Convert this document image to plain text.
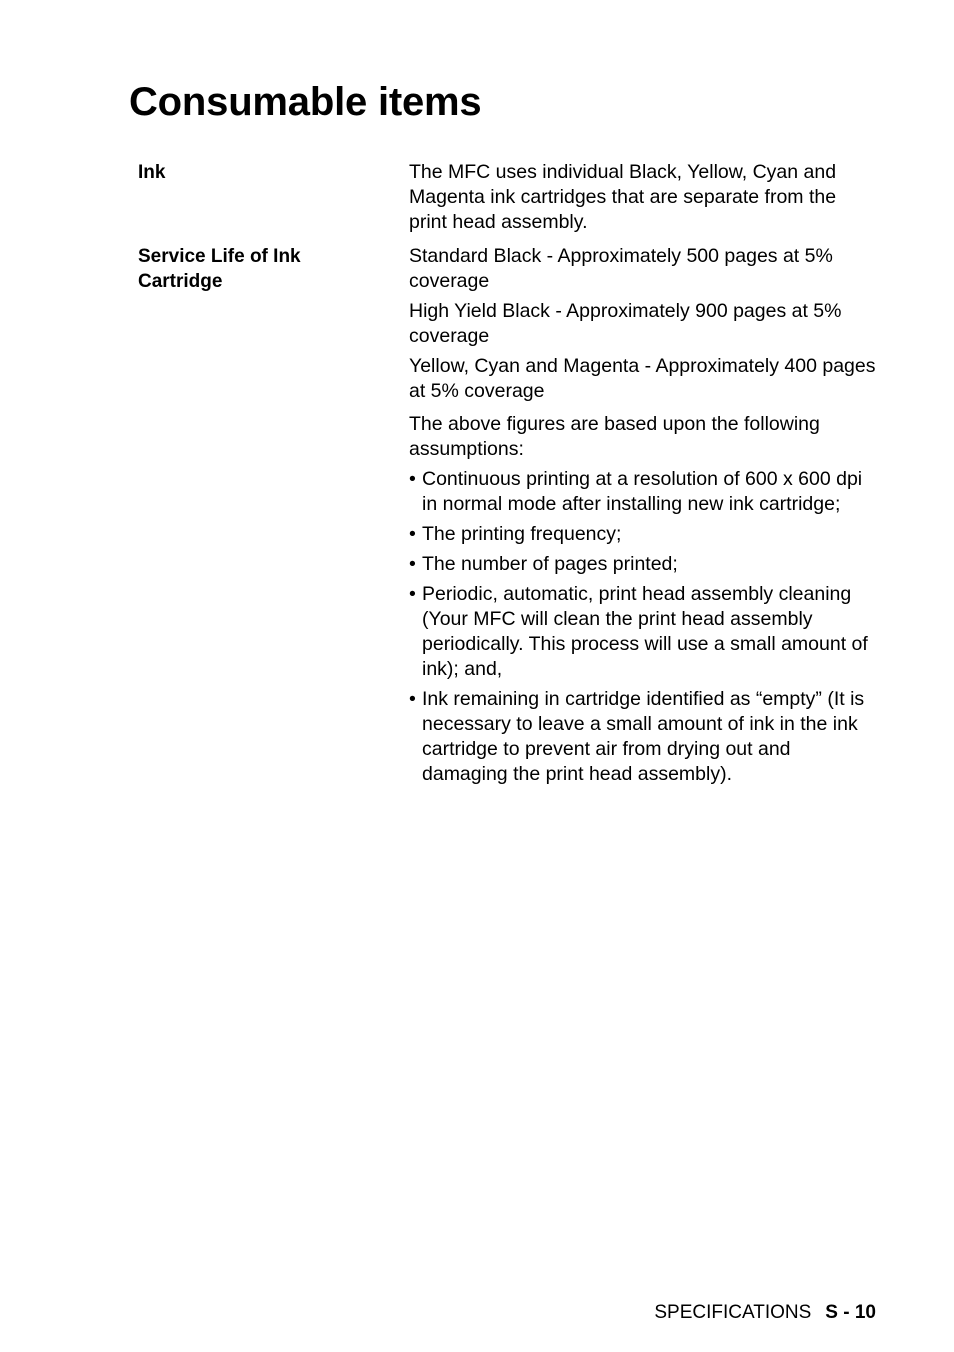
Consumable items
Ink	The MFC uses individual Black, Yellow, Cyan and Magenta ink cartridges that are separate from the print head assembly.

Service Life of Ink Cartridge

Standard Black - Approximately 500 pages at 5% coverage

High Yield Black - Approximately 900 pages at 5% coverage

Yellow, Cyan and Magenta - Approximately 400 pages at 5% coverage

The above figures are based upon the following assumptions:

• Continuous printing at a resolution of 600 x 600 dpi in normal mode after installing new ink cartridge;
• The printing frequency;
• The number of pages printed;
• Periodic, automatic, print head assembly cleaning (Your MFC will clean the print head assembly periodically. This process will use a small amount of ink); and,
• Ink remaining in cartridge identified as “empty” (It is necessary to leave a small amount of ink in the ink cartridge to prevent air from drying out and damaging the print head assembly).
SPECIFICATIONS S - 10
